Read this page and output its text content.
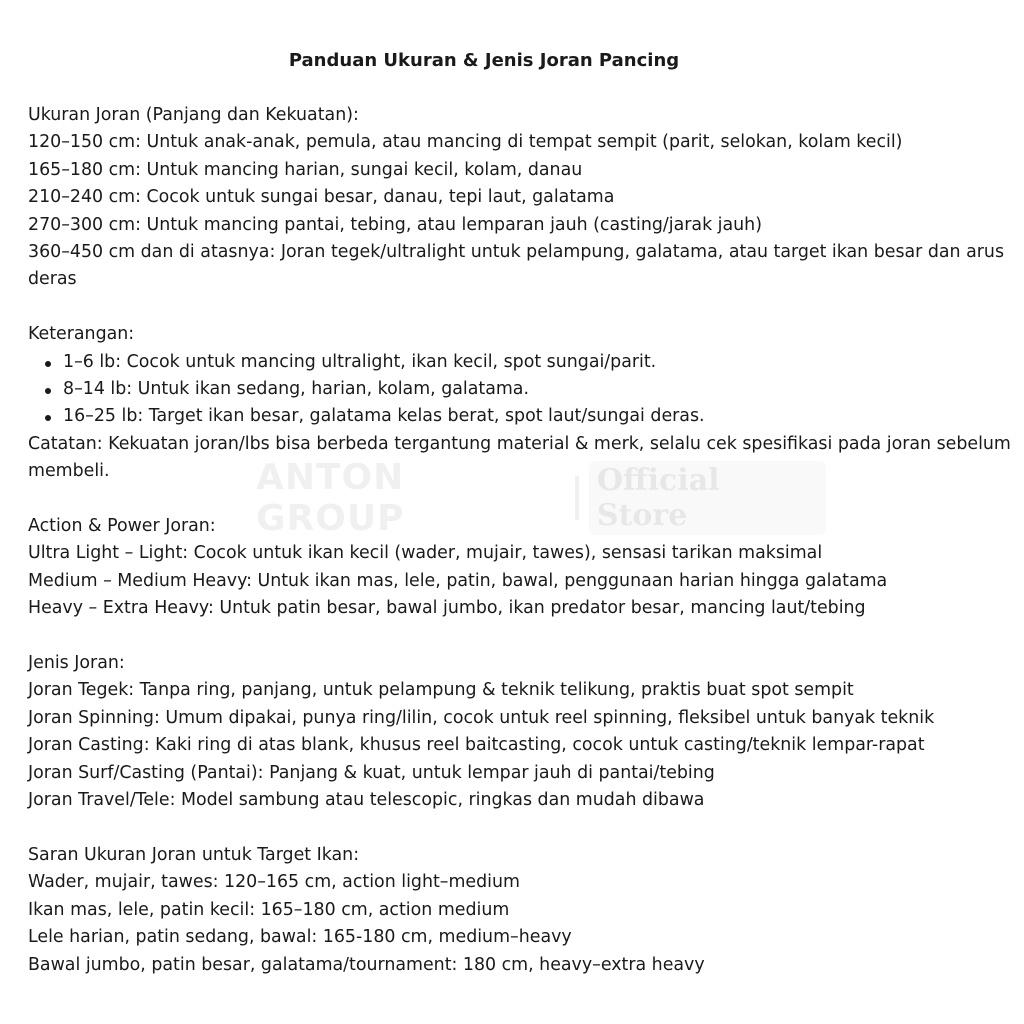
ANTON GROUP
Official Store
Panduan Ukuran & Jenis Joran Pancing

Ukuran Joran (Panjang dan Kekuatan):

120–150 cm: Untuk anak-anak, pemula, atau mancing di tempat sempit (parit, selokan, kolam kecil)

165–180 cm: Untuk mancing harian, sungai kecil, kolam, danau

210–240 cm: Cocok untuk sungai besar, danau, tepi laut, galatama

270–300 cm: Untuk mancing pantai, tebing, atau lemparan jauh (casting/jarak jauh)

360–450 cm dan di atasnya: Joran tegek/ultralight untuk pelampung, galatama, atau target ikan besar dan arus deras

Keterangan:

1–6 lb: Cocok untuk mancing ultralight, ikan kecil, spot sungai/parit.
8–14 lb: Untuk ikan sedang, harian, kolam, galatama.
16–25 lb: Target ikan besar, galatama kelas berat, spot laut/sungai deras.

Catatan: Kekuatan joran/lbs bisa berbeda tergantung material & merk, selalu cek spesifikasi pada joran sebelum membeli.

Action & Power Joran:

Ultra Light – Light: Cocok untuk ikan kecil (wader, mujair, tawes), sensasi tarikan maksimal

Medium – Medium Heavy: Untuk ikan mas, lele, patin, bawal, penggunaan harian hingga galatama

Heavy – Extra Heavy: Untuk patin besar, bawal jumbo, ikan predator besar, mancing laut/tebing

Jenis Joran:

Joran Tegek: Tanpa ring, panjang, untuk pelampung & teknik telikung, praktis buat spot sempit

Joran Spinning: Umum dipakai, punya ring/lilin, cocok untuk reel spinning, fleksibel untuk banyak teknik

Joran Casting: Kaki ring di atas blank, khusus reel baitcasting, cocok untuk casting/teknik lempar-rapat

Joran Surf/Casting (Pantai): Panjang & kuat, untuk lempar jauh di pantai/tebing

Joran Travel/Tele: Model sambung atau telescopic, ringkas dan mudah dibawa

Saran Ukuran Joran untuk Target Ikan:

Wader, mujair, tawes: 120–165 cm, action light–medium

Ikan mas, lele, patin kecil: 165–180 cm, action medium

Lele harian, patin sedang, bawal: 165-180 cm, medium–heavy

Bawal jumbo, patin besar, galatama/tournament: 180 cm, heavy–extra heavy
